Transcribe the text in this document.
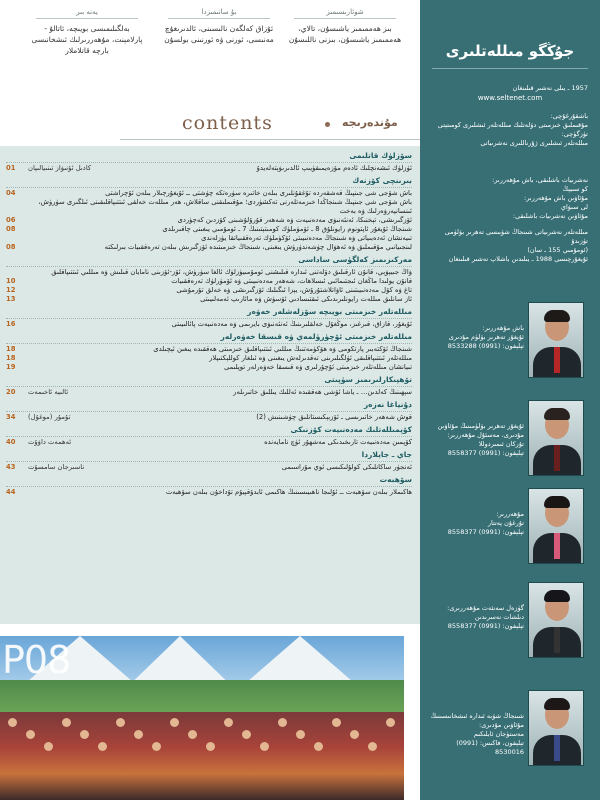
شوئارىسىمىز
بىز ھەممىمىز ياشىسۇن، تالاي، ھەممىمىز ياشىسۇن، بىزنى ناللىسۇن
بۇ سانىمىزدا
ئۇزاق كەلگەن نالىسىنى، ئالدىرىغۇچ مەنىسى، ئورنى ۋە ئورنىنى بولسۇن
يەنە بىر
بەلگىلىمىسى بويىچە، ئاتالۇ - پارلامېنت، مۇھەررىرلىك ئىشخانىسى بارچە قاتلاملار
contents	مۇندەرىجە
سۆزلۈك قاتلىمى
ئۈزلۈك ئىشەنچلىك ئادەم مۆزەيمىقۈيىپ ئالدىرىۋېتەلەيدۇ
كادىل ئۇنىۋاز تىنىيالىپان
01
بىرىنچى كۆزنەك
باش شۆجى شى جىنپىڭ قەشقەردە تۇغقۇنلىرى بىلەن خاتىرە سۈرەتكە چۈشتى ــ ئۇيغۇرچىلار بىلەن ئۇچراشتى
04
باش شۆجى شى جىنپىڭ شىنجاڭدا خىزمەتلەرنى تەكشۈردى؛ مۇقىملىقنى ساقلاش، ھەر مىللەت خەلقى ئىتتىپاقلىقىنى ئىلگىرى سۈرۈش، ئىنسانپەرۋەرلىك ۋە بەخت
ئۆزگىرىشى، تېخنىكا، ئەنئەنىۋى مەدەنىيەت ۋە شەھەر قۇرۇلۇشىنى كۆزدىن كەچۈردى
06
شىنجاڭ ئۇيغۇر ئاپتونوم رايونلۇق 8 ـ ئۆمۈملۈك كومىتېتىنىڭ 7 ـ ئومۇمىي يىغىنى چاقىرىلدى
08
تىيەنشان ئەدەبىياتى ۋە شىنجاڭ مەدەنىيىتى ئۆكۈملۈك تەرەققىياتقا يۈزلەندى
لىنجىيانىي مۇقىملىق ۋە ئەھۋال چۈشەندۈرۈش يىغىنى، شىنجاڭ خىزمىتىدە ئۆزگىرىش بىلەن تەرەققىيات بىرلىكتە
08
مەركىزىمىز كەلگۈسى ساداسى
ۋاڭ جىيېۋېي، قانۇن ئارقىلىق دۆلەتنى ئىدارە قىلىشنى ئومۇمىيۈزلۈك ئالغا سۈرۈش، ئۆز-ئۆزىنى نامايان قىلىش ۋە مىللىي ئىتتىپاقلىق
قانۇن يولىدا ماڭغان ئىجتىمائىي ئىسلاھات، شەھەر مەدەنىيىتى ۋە ئۆمۈرلۈك تەرەققىيات
10
تاغ ۋە كۆل مەدەنىيىتىنى ئاۋاتلاشتۇرۇش، يېزا ئىگىلىك ئۆزگىرىشى ۋە خەلق تۇرمۇشى
12
ئاز سانلىق مىللەت رايونلىرىدىكى ئىقتىسادىي ئۆسۈش ۋە مائارىپ ئەمەلىيىتى
13
مىللەتلەر خىزمىتى بويىچە سۆزلەشلەر خەۋەر
ئۇيغۇر، قازاق، قىرغىز، موڭغۇل خەلقلىرىنىڭ ئەنئەنىۋى بايرىمى ۋە مەدەنىيەت پائالىيىتى
16
مىللەتلەر خىزمىتى ئۆچۈرۈلمەي ۋە قىسقا خەۋەرلەر
شىنجاڭ ئۆكتەبىر پارتكومى ۋە ھۆكۈمەتنىڭ مىللىي ئىتتىپاقلىق خىزمىتى ھەققىدە يىغىن ئېچىلدى
18
مىللەتلەر ئىتتىپاقلىقى ئۈلگىلىرىنى تەقدىرلەش يىغىنى ۋە ئىلغار كوللېكتىپلار
18
تىيانشان مىللەتلەر خىزمىتى ئۇچۇرلىرى ۋە قىسقا خەۋەرلەر توپلىمى
19
تۆھپىكارلىرىمىز سۈپىتى
سېھىنىڭ كەلدىن… ـ ياشا ئۆشى ھەققىدە ئەللىك يىللىق خاتىرىلەر
ئالىيە ئاخىمەت
20
دۇنياغا نەزەر
قوش شەھەر خاتىرىسى ـ ئۆزبېكىستانلىق چۈشىنىش (2)
تۇمۇر (موغۇل)
34
كۆپمىللەتلىك مەدەنىيەت كۆزنىكى
كۆپمىن مەدەنىيەت تارىخىدىكى مەشھۇر ئۈچ نامايەندە
ئەھمەت داۋۇت
40
جاي ـ جايلاردا
ئەنجۈر ساكانلىكى كولۇلىكىسى ئوي مۇراسىمى
ناسىرجان سامسۇت
43
سۆھبەت
ھاكىملار بىلەن سۆھبەت ــ ئۇلىجا ناھىيىسىنىڭ ھاكىمى ئابدۇقېيۇم تۇداخۇن بىلەن سۆھبەت
44
P08
جۇڭگو مىللەتلىرى
1957 ـ يىلى نەشىر قىلىنغان
www.seltenet.com
باشقۇرغۇچى:
مۇقىملىق خىزمىتى دۆلەتلىك مىللەتلەر ئىشلىرى كومىتېتى
تۈزگۈچى:
مىللەتلەر ئىشلىرى ژۇرناللىرى نەشرىياتى
نەشرىيات باشلىقى، باش مۇھەررىر:
كو سىيېڭ
مۇئاۋىن باش مۇھەررىر:
لى سىۋاي
مۇئاۋىن نەشرىيات باشلىقى:
مىللەتلەر نەشرىياتى شىنجاڭ شۆبىسى تەھرىر بۆلۈمى تۈزىدۇ
(ئومۇمىي 155 ـ سان)
ئۇيغۇرچىسى 1988 ـ يىلىدىن باشلاپ نەشىر قىلىنغان
باش مۇھەررىر:
ئۇيغۇر تەھرىر بۆلۈم مۇدىرى
تېلېفون: (0991) 8533288
ئۇيغۇر تەھرىر بۆلۈمىنىڭ مۇئاۋىن مۇدىرى، مەسئۇل مۇھەررىر:
تۇركان ئىمىردوللا
تېلېفون: (0991) 8558377
مۇھەررىر:
تۇرغۇن پەتتار
تېلېفون: (0991) 8558377
گۈزەل سەنئەت مۇھەررىرى:
دىلشات نەسرىدىن
تېلېفون: (0991) 8558377
شىنجاڭ شۆبە ئىدارە ئىشخانىسىنىڭ مۇئاۋىن مۇدىرى:
مەستۈجان ئابلىكىم
تېلېفون، فاكىس: (0991) 8530016
